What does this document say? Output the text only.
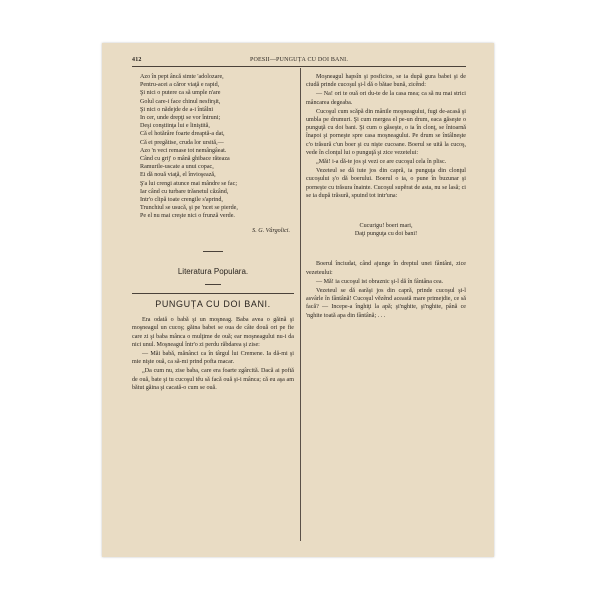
412	POESII—PUNGUȚA CU DOI BANI.
Azo în pept âncă simte 'adolozare,
Pentru-acei a căror viaţă e rapid,
Şi nici o putere ca să umple n'are
Golul care-i face chinul nesfirşit,
Şi nici o nădejde de a-i întâlni
In cer, unde drepţi se vor întruni;
Deşi conştiinţa lui e liniştită,
Că el hotărâre foarte dreaptă-a dat,
Că ei pregătise, cruda lor ursită,—
Azo 'n veci remase tot nemângâeat.
Când cu grij' o mână ghibace răteaza
Ramurile-uscate a unui copac,
Ei dă nouă viaţă, el învioşează,
Ş'a lui crengi atunce mai mândre se fac;
Iar când cu turbare trăsnetul căzând,
Intr'o clipă toate crengile s'aprind,
Trunchiul se usucă, şi pe 'ncet se pierde,
Pe el nu mai creşte nici o frunză verde.
S. G. Vârgolici.
Literatura Populara.
PUNGUȚA CU DOI BANI.

Era odată o babă şi un moşneag. Baba avea o găină şi moşneagul un cucoş; găina babei se oua de câte două ori pe fie care zi şi baba mânca o mulţime de ouă; ear moşneagului nu-i da nici unul. Moşneagul într'o zi perdu răbdarea şi zise:

— Măi babă, mănânci ca în târgul lui Cremene. Ia dă-mi şi mie nişte ouă, ca să-mi prind pofta macar.

„Da cum nu, zise baba, care era foarte zgârcită. Dacă ai poftă de ouă, bate şi tu cucoşul tĕu să facă ouă şi-i mânca; că eu aşa am bătut găina şi cacată-o cum se ouă.

Moşneagul hapsîn şi posficios, se ia după gura babei şi de ciudă prinde cucoşul şi-l dă o bătae bună, zicênd:

— Na! ori te ouă ori du-te de la casa mea; ca să nu mai strici mâncarea degeaba.

Cucoşul cum scăpă din mânile moşneagului, fugi de-acasă şi umbla pe drumuri. Şi cum mergea el pe-un drum, eaca găseşte o punguţă cu doi bani. Şi cum o găseşte, o ia în clonţ, se întoarnă înapoi şi porneşte spre casa moşneagului. Pe drum se întâlneşte c'o trăsură c'un boer şi cu nişte cucoane. Boerul se uită la cucoş, vede în clonţul lui o punguţă şi zice vezetelui:

„Măi! i-a dă-te jos şi vezi ce are cucoşul cela în plisc.

Vezeteul se dă iute jos din capră, ia punguţa din clonţul cucoşului ş'o dă boerului. Boerul o ia, o pune în buzunar şi porneşte cu trăsura înainte. Cucoşul supĕrat de asta, nu se lasă; ci se ia după trăsură, spuind tot intr'una:

Cucurigu! boeri mari,
Daţi punguţa cu doi bani!

Boerul înciudat, când ajunge în dreptul unei fântâni, zice vezeteului:

— Mă! ia cucoşul ist obraznic şi-l dă în fântâna cea.

Vezeteul se dă earăşi jos din capră, prinde cucoşul şi-l asvârle în fântână! Cucoşul vĕzênd această mare primejdie, ce să facă? — Incepe-a înghiţi la apă; şi'nghite, şi'nghite, până ce 'nghite toată apa din fântână; . . .
